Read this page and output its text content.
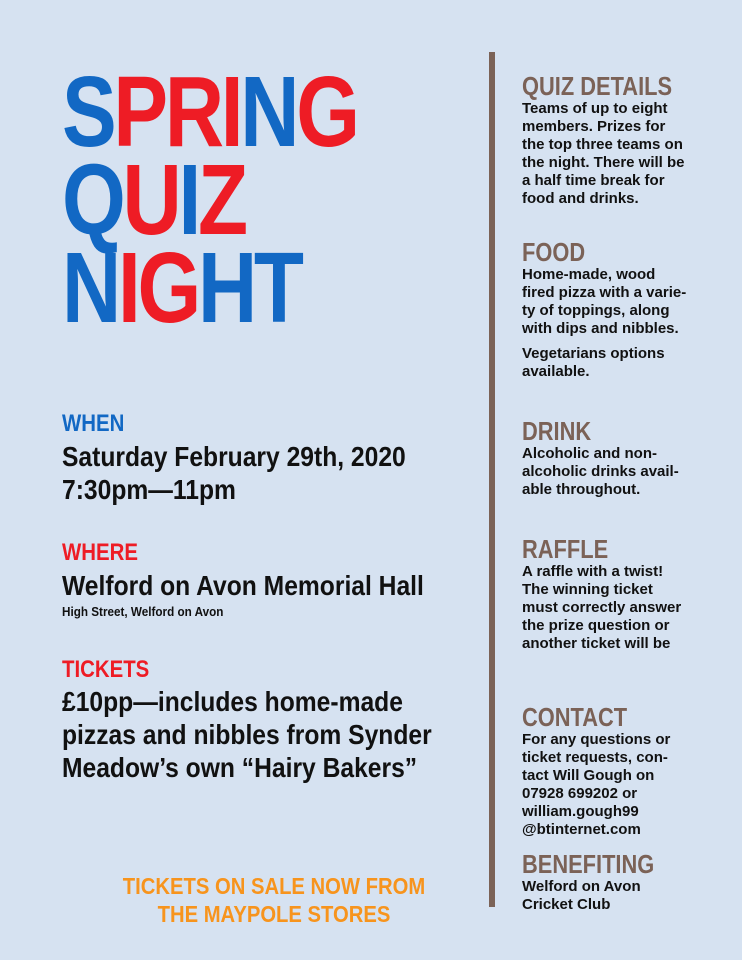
SPRING
QUIZ
NIGHT
WHEN
Saturday February 29th, 2020
7:30pm—11pm
WHERE
Welford on Avon Memorial Hall
High Street, Welford on Avon
TICKETS
£10pp—includes home-made
pizzas and nibbles from Synder
Meadow’s own “Hairy Bakers”
TICKETS ON SALE NOW FROM
THE MAYPOLE STORES
QUIZ DETAILS
Teams of up to eight
members. Prizes for
the top three teams on
the night. There will be
a half time break for
food and drinks.
FOOD
Home-made, wood
fired pizza with a varie-
ty of toppings, along
with dips and nibbles.
Vegetarians options
available.
DRINK
Alcoholic and non-
alcoholic drinks avail-
able throughout.
RAFFLE
A raffle with a twist!
The winning ticket
must correctly answer
the prize question or
another ticket will be
CONTACT
For any questions or
ticket requests, con-
tact Will Gough on
07928 699202 or
william.gough99
@btinternet.com
BENEFITING
Welford on Avon
Cricket Club
